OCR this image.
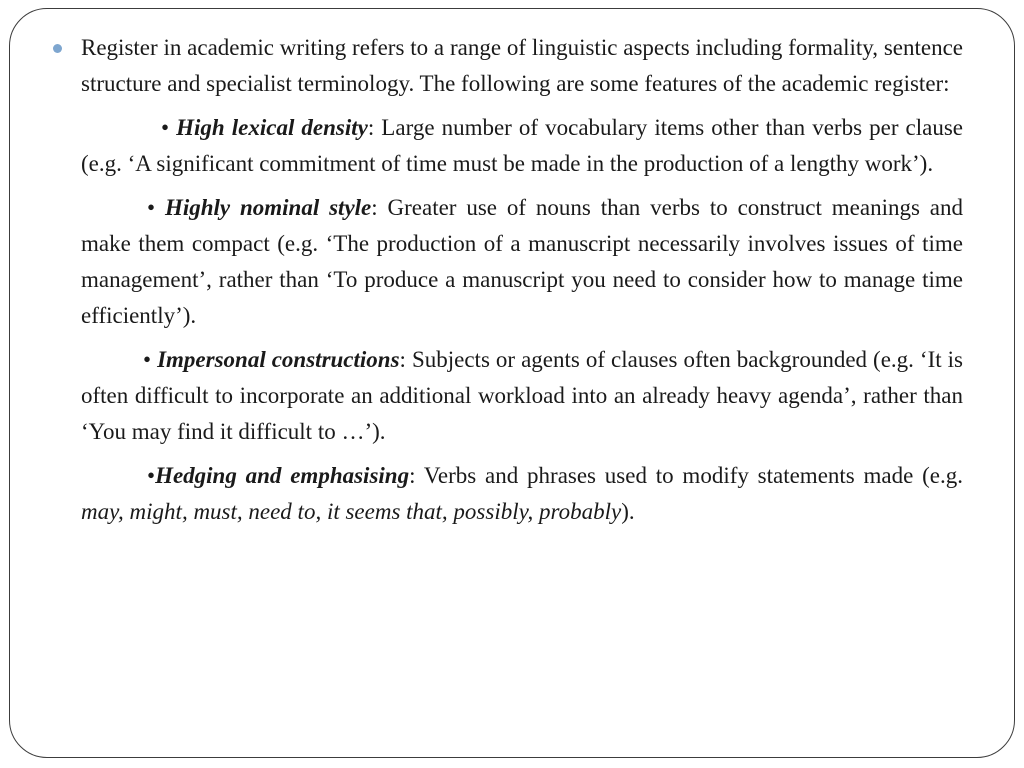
Register in academic writing refers to a range of linguistic aspects including formality, sentence structure and specialist terminology. The following are some features of the academic register:

• High lexical density: Large number of vocabulary items other than verbs per clause (e.g. ‘A significant commitment of time must be made in the production of a lengthy work’).

• Highly nominal style: Greater use of nouns than verbs to construct meanings and make them compact (e.g. ‘The production of a manuscript necessarily involves issues of time management’, rather than ‘To produce a manuscript you need to consider how to manage time efficiently’).

• Impersonal constructions: Subjects or agents of clauses often backgrounded (e.g. ‘It is often difficult to incorporate an additional workload into an already heavy agenda’, rather than ‘You may find it difficult to …’).

•Hedging and emphasising: Verbs and phrases used to modify statements made (e.g. may, might, must, need to, it seems that, possibly, probably).
